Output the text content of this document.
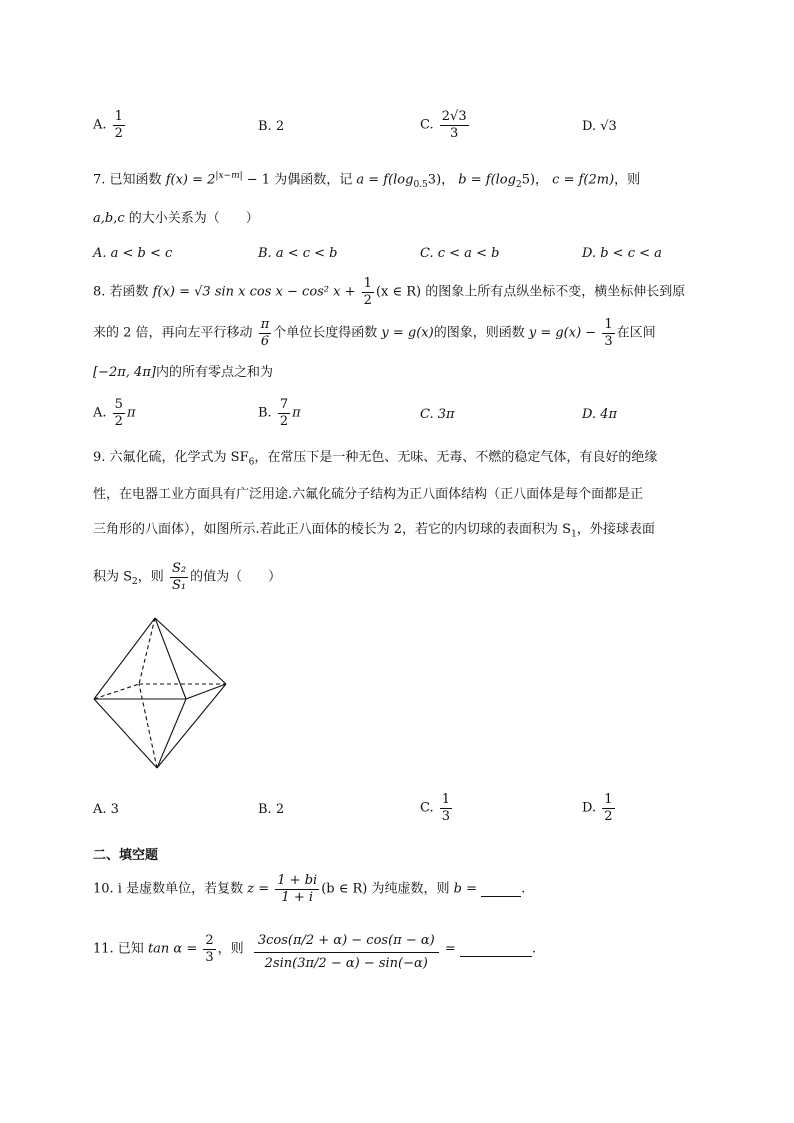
A. $\frac{1}{2}$	B. 2	C. $\frac{2√3}{3}$	D. √3
7. 已知函数 $f(x) = 2^{|x-m|} - 1$ 为偶函数，记 $a = f(\log_{0.5}3)$， $b = f(\log_25)$， c = f(2m)，则
a,b,c 的大小关系为（　　）
A. a < b < c	B. a < c < b	C. c < a < b	D. b < c < a
8. 若函数 f(x) = √3 sin x cos x − cos² $x + \frac{1}{2} (x$ ∈ R) 的图象上所有点纵坐标不变，横坐标伸长到原
来的 2 倍，再向左平行移动 $\frac{\pi}{6}$ 个单位长度得函数 y = g(x)的图象，则函数 $y = g(x) - \frac{1}{3}$ 在区间
[−2π, 4π]内的所有零点之和为
A. $\frac{5}{2}$ π	B. $\frac{7}{2}$ π	C. 3π	D. 4π
9. 六氟化硫，化学式为 $SF_6$，在常压下是一种无色、无味、无毒、不燃的稳定气体，有良好的绝缘
性，在电器工业方面具有广泛用途.六氟化硫分子结构为正八面体结构（正八面体是每个面都是正
三角形的八面体），如图所示.若此正八面体的棱长为 2，若它的内切球的表面积为 $S_1$，外接球表面
积为 $S_2$，则 $\frac{\text{S₂}}{\text{S₁}}$ 的值为（　　）
A. 3	B. 2	C. $\frac{1}{3}$	D. $\frac{1}{2}$
二、填空题
10. i 是虚数单位，若复数 $z = \frac{1 + bi}{1 + i} (b$ ∈ R) 为纯虚数，则 b =	.
11. 已知 $\tan \alpha = \frac{2}{3}$ ，则 $\frac{3\cos(\pi/2 + \alpha) - \cos(\pi - \alpha)}{2\sin(3\pi/2 - \alpha) - \sin(-\alpha)}$ =	.
